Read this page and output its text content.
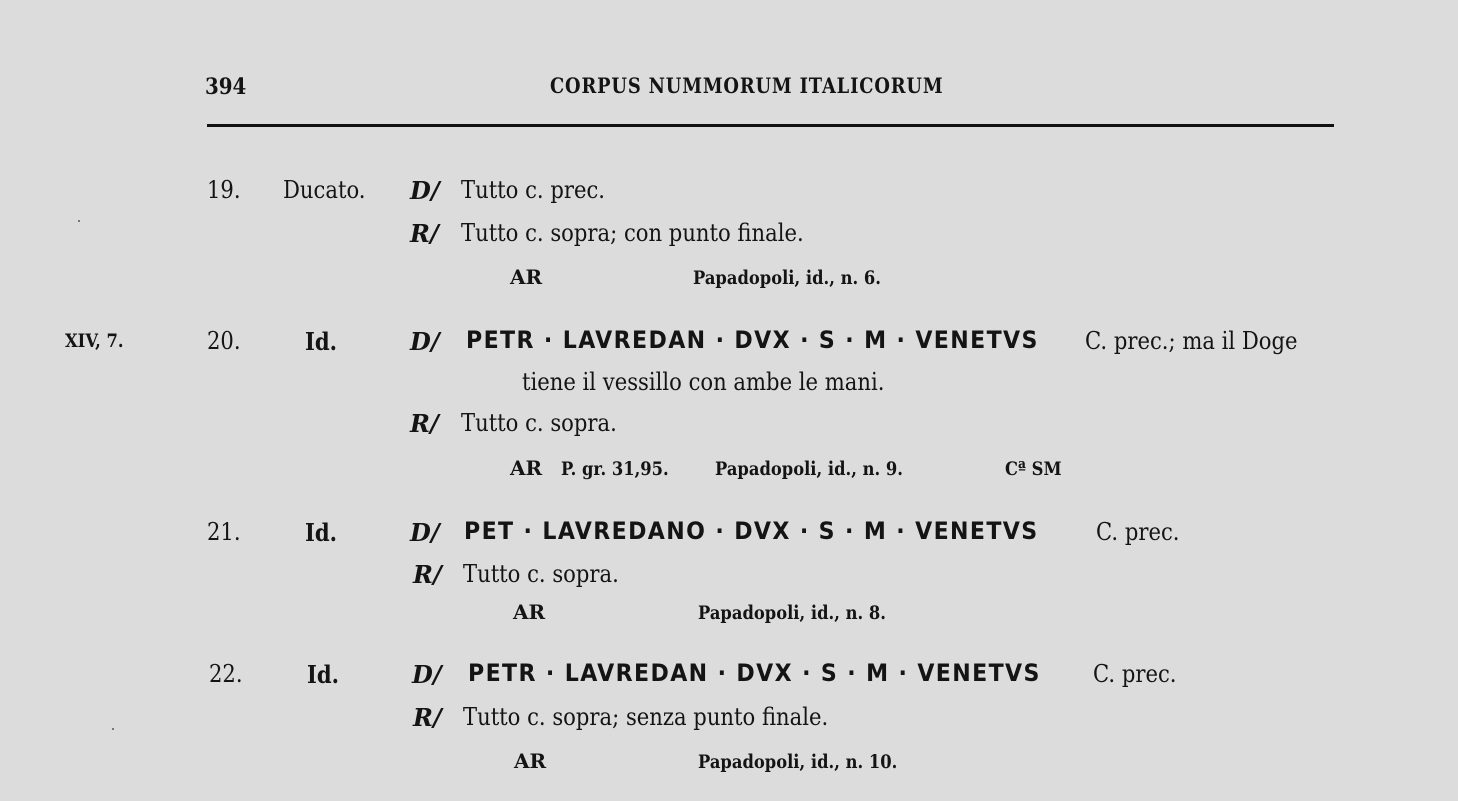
394	CORPUS NUMMORUM ITALICORUM
19. Ducato. D/ Tutto c. prec.
R/ Tutto c. sopra; con punto finale.
AR	Papadopoli, id., n. 6.
XIV, 7.	20.	Id.	D/ PETR · LAVREDAN · DVX · S · M · VENETVS C. prec.; ma il Doge
tiene il vessillo con ambe le mani.
R/ Tutto c. sopra.
AR P. gr. 31,95. Papadopoli, id., n. 9.	Cª SM
21.	Id.	D/ PET · LAVREDANO · DVX · S · M · VENETVS C. prec.
R/ Tutto c. sopra.
AR	Papadopoli, id., n. 8.
22.	Id.	D/ PETR · LAVREDAN · DVX · S · M · VENETVS C. prec.
R/ Tutto c. sopra; senza punto finale.
AR	Papadopoli, id., n. 10.
